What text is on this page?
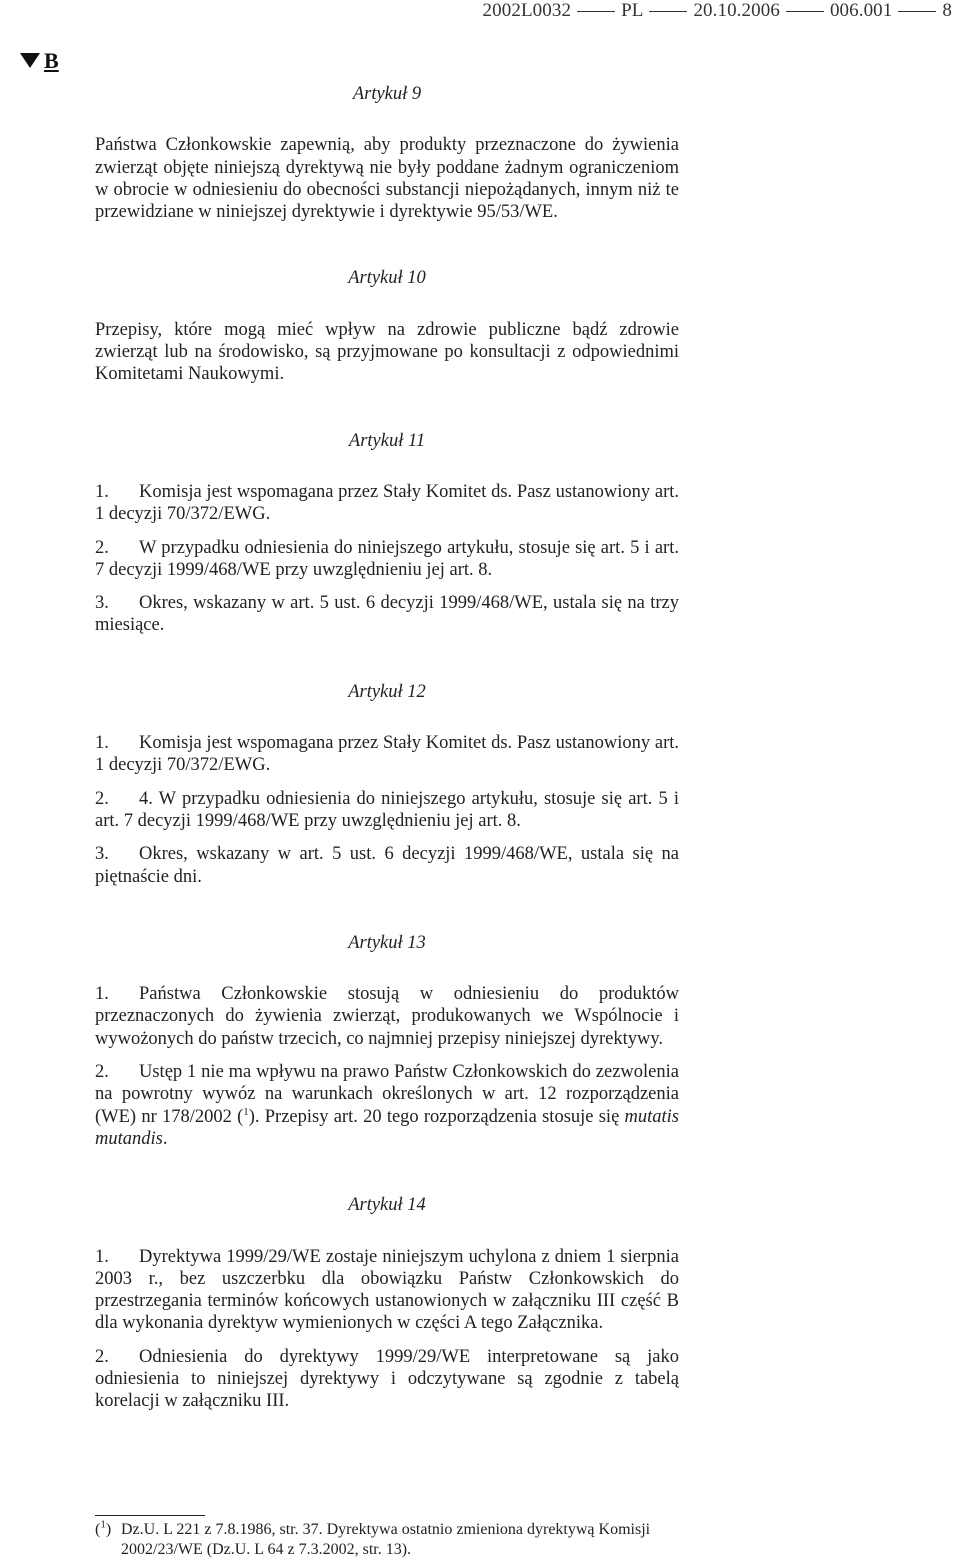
2002L0032	PL	20.10.2006	006.001	8
B
Artykuł 9

Państwa Członkowskie zapewnią, aby produkty przeznaczone do żywienia zwierząt objęte niniejszą dyrektywą nie były poddane żadnym ograniczeniom w obrocie w odniesieniu do obecności substancji niepożądanych, innym niż te przewidziane w niniejszej dyrektywie i dyrektywie 95/53/WE.

Artykuł 10

Przepisy, które mogą mieć wpływ na zdrowie publiczne bądź zdrowie zwierząt lub na środowisko, są przyjmowane po konsultacji z odpowiednimi Komitetami Naukowymi.

Artykuł 11

1. Komisja jest wspomagana przez Stały Komitet ds. Pasz ustanowiony art. 1 decyzji 70/372/EWG.

2. W przypadku odniesienia do niniejszego artykułu, stosuje się art. 5 i art. 7 decyzji 1999/468/WE przy uwzględnieniu jej art. 8.

3. Okres, wskazany w art. 5 ust. 6 decyzji 1999/468/WE, ustala się na trzy miesiące.

Artykuł 12

1. Komisja jest wspomagana przez Stały Komitet ds. Pasz ustanowiony art. 1 decyzji 70/372/EWG.

2. 4. W przypadku odniesienia do niniejszego artykułu, stosuje się art. 5 i art. 7 decyzji 1999/468/WE przy uwzględnieniu jej art. 8.

3. Okres, wskazany w art. 5 ust. 6 decyzji 1999/468/WE, ustala się na piętnaście dni.

Artykuł 13

1. Państwa Członkowskie stosują w odniesieniu do produktów przeznaczonych do żywienia zwierząt, produkowanych we Wspólnocie i wywożonych do państw trzecich, co najmniej przepisy niniejszej dyrektywy.

2. Ustęp 1 nie ma wpływu na prawo Państw Członkowskich do zezwolenia na powrotny wywóz na warunkach określonych w art. 12 rozporządzenia (WE) nr 178/2002 ($^1$). Przepisy art. 20 tego rozporządzenia stosuje się mutatis mutandis.

Artykuł 14

1. Dyrektywa 1999/29/WE zostaje niniejszym uchylona z dniem 1 sierpnia 2003 r., bez uszczerbku dla obowiązku Państw Członkowskich do przestrzegania terminów końcowych ustanowionych w załączniku III część B dla wykonania dyrektyw wymienionych w części A tego Załącznika.

2. Odniesienia do dyrektywy 1999/29/WE interpretowane są jako odniesienia to niniejszej dyrektywy i odczytywane są zgodnie z tabelą korelacji w załączniku III.

($^1$) Dz.U. L 221 z 7.8.1986, str. 37. Dyrektywa ostatnio zmieniona dyrektywą Komisji 2002/23/WE (Dz.U. L 64 z 7.3.2002, str. 13).
